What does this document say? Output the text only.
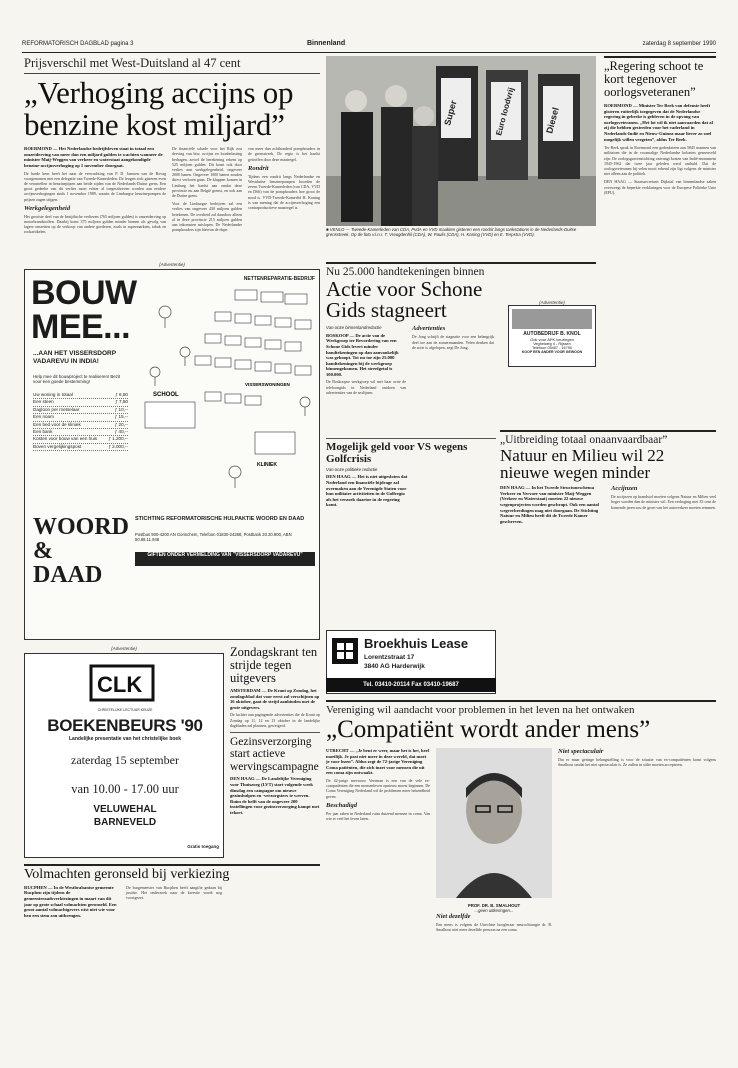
REFORMATORISCH DAGBLAD pagina 3	Binnenland	zaterdag 8 september 1990
Prijsverschil met West-Duitsland al 47 cent
„Verhoging accijns op benzine kost miljard”
ROERMOND — Het Nederlandse bedrijfsleven staat in totaal een omzetderving van meer dan een miljard gulden te wachten wanneer de minister Maij-Weggen van verkeer en waterstaat aangekondigde benzine-accijnsverhoging op 1 november doorgaat.
De harde kern heeft het naar de verwachting van P. D. Janssen van de Bovag voorgenomen met een delegatie van Tweede-Kamerleden. De leugen zich gisteren even de verontellen in benzinepijzen aan beide zijden van de Nederlands-Duitse grens. Een groot gedeelte van dit verlies moet echter al toegeschreven worden aan eerdere accijnsverhogingen sinds 1 november 1989, waarin de Limburgse benzinepompen de prijzen zagen stijgen.
Werkgelegenheid
Het grootste deel van de bezijdische verliezen (765 miljoen gulden) is omzetderving op motorbrandstoffen. Daarbij komt 375 miljoen gulden minder binnen als gevolg van lagere omzetten op de verkoop van andere goederen, zoals in supermarkten, tabak en rookartikelen.
De financiële schade voor het Rijk zou derving van btw, accijns en loonbelasting bedragen, zowel de berekening rekent op 525 miljoen gulden. Dit komt ook door verlies aan werkgelegenheid, ongeveer 2000 banen. Ongeveer 1000 banen zouden direct verloren gaan. De klappen komen in Limburg het hardst aan omdat deze provincie nu aan België grenst, en ook aan de Duitse grens.
Voor de Limburgse bedrijven zal een verlies van ongeveer 430 miljoen gulden betekenen. De overheid zal daardoor alleen al in deze provincie 215 miljoen gulden aan inkomsten mislopen. De Nederlandse pomphouders zijn hiervan de dupe.
van meer dan achthonderd pomphouders in de grensstreek. De regio is het hardst getroffen door deze maatregel.
Rondrit
Tijdens een rondrit langs Nederlandse en Westduitse benzinepompen hoorden de zeven Tweede-Kamerleden (van CDA, VVD en D66) van de pomphouders hoe groot de nood is. VVD-Tweede-Kamerlid H. Koning is van mening dat de accijnsverhoging een contraproductieve maatregel is.
Super	Euro loodvrij	Diesel
■ VENLO — Tweede-Kamerleden van CDA, PvdA en VVD maakten gisteren een rondrit langs tankstations in de Nederlands-Duitse grensstreek. Op de foto v.l.n.r. T. Vreugdenhil (CDA), W. Paulis (CDA), H. Koning (VVD) en E. Terpstra (VVD).
„Regering schoot te kort tegenover oorlogsveteranen”
ROERMOND — Minister Ter Beek van defensie heeft gisteren ruiterlijk toegegeven dat de Nederlandse regering in gebreke is gebleven in de opvang van oorlogsveteranen. „Het lot wil ik niet aanvaarden dat al zij die hebben gestreden voor het vaderland in Nederlands-Indië en Nieuw-Guinea maar liever zo snel mogelijk willen vergeten”, aldus Ter Beek.
Ter Beek sprak in Roermond een gedenksteen aan 5845 mannen van militairen die in de voormalige Nederlandse kolonies gesneuveld zijn. De oorlogsgravenstichting ontvangt kosten van Indië-monument 1945-1962 dat twee jaar geleden werd onthuld. Dat de oorlogsveteranen bij velen nooit erkend zijn ligt volgens de minister niet alleen aan de politiek.
DEN HAAG — Staatssecretaris Dijkstal van binnenlandse zaken overweegt de beperkte verklaringen voor de Europese Politieke Unie (EPU).
Nu 25.000 handtekeningen binnen
Actie voor Schone Gids stagneert
Van onze binnenlandredactie
BOSKOOP — De actie van de Werkgroep ter Bevordering van een Schone Gids levert minder handtekeningen op dan aanvankelijk was gehoopt. Tot nu toe zijn 25.000 handtekeningen bij de werkgroep binnengekomen. Het streefgetal is 100.000.
De Boskoopse werkgroep wil met haar actie de telefoongids in Nederland ontdoen van advertenties van de sexlijnen.
Advertenties
De Jong schrijft de stagnatie voor een belangrijk deel toe aan de zomermaanden. Velen denken dat de actie is afgelopen, zegt De Jong.
Mogelijk geld voor VS wegens Golfcrisis
Van onze politieke redactie
DEN HAAG — Het is niet uitgesloten dat Nederland een financiële bijdrage zal overmaken aan de Verenigde Staten voor hun militaire activiteiten in de Golfregio als het verzoek daartoe in de regering komt.
(Advertentie)
AUTOBEDRIJF B. KNOL
Ook voor APK keuringen
Veghelweg 4 - Rijssen
Telefoon 05487 - 16790
KOOP EEN ANDER VOOR GEWOON
„Uitbreiding totaal onaanvaardbaar”
Natuur en Milieu wil 22 nieuwe wegen minder
DEN HAAG — In het Tweede Structuurschema Verkeer en Vervoer van minister Maij-Weggen (Verkeer en Waterstaat) moeten 22 nieuwe wegenprojecten worden geschrapt. Ook een aantal wegverbredingen mag niet doorgaan. De Stichting Natuur en Milieu heeft dit de Tweede Kamer geschreven.
Accijnzen
De accijnzen op brandstof moeten volgens Natuur en Milieu veel hoger worden dan de minister wil. Een verhoging met 35 cent de komende jaren zou de groei van het autoverkeer moeten remmen.
(Advertentie)
BOUW MEE...
...AAN HET VISSERSDORP VADAREVU IN INDIA!
Help mee dit bouwproject te realiseren! Bezit voor een goede bestemming!
Uw woning in totaal	ƒ 6,50
Een steen	ƒ 7,50
Dagloon per metselaar	ƒ 10,--
Een noam	ƒ 15,--
Een bed voor de kliniek	ƒ 20,--
Een bank	ƒ 40,--
Kosten voor bouw van een huis ƒ 1.200,--
Boven vergelijkingspost	ƒ 2.000,--
NETTENREPARATIE-BEDRIJF
SCHOOL
VISSERSWONINGEN
KLINIEK
WOORD & DAAD
STICHTING REFORMATORISCHE HULPAKTIE WOORD EN DAAD
Postbus 900-4200 AN Gorinchem, Telefoon 01830-24288, Postbank 20.20.900, ABN 50.68.11.948
GIFTEN ONDER VERMELDING VAN "VISSERSDORP VADAREVU"
(Advertentie)
CLK
CHRISTELIJKE LECTUUR KEUZE
BOEKENBEURS '90
Landelijke presentatie van het christelijke boek
zaterdag 15 september
van 10.00 - 17.00 uur
VELUWEHAL
BARNEVELD
Gratis toegang
Zondagskrant ten strijde tegen uitgevers
AMSTERDAM — De Krant op Zondag, het zondagsblad dat voor eerst zal verschijnen op 16 oktober, gaat de strijd aanbinden met de grote uitgevers.
De luchter aan pagingende advertenties die de Krant op Zondag op 11, 12 en 13 oktober in de landelijke dagbladen zal plaatsen, geweigerd.
Gezinsverzorging start actieve wervingscampagne
DEN HAAG — De Landelijke Vereniging voor Thuiszorg (LVT) start volgende week dinsdag een campagne om nieuwe gezinshulpen en -verzorgsters te werven. Ruim de helft van de ongeveer 200 instellingen voor gezinsverzorging kampt met tekort.
Broekhuis Lease
Lorentzstraat 17
3840 AG Harderwijk
Tel. 03410-20114 Fax 03410-19687
Vereniging wil aandacht voor problemen in het leven na het ontwaken
„Compatiënt wordt ander mens”
UTRECHT — „Je bent er weer, maar het is het, heel moeilijk. Je past niet meer in deze wereld, dat moet je voor lezen”. Aldus zegt de 72-jarige Vereniging Coma patiënten, die zich inzet voor mensen die uit een coma zijn ontwaakt.
De 42-jarige mevrouw Veerman is een van de vele ex-compatiënten die een mensenleven opnieuw moest beginnen. De Coma Vereniging Nederland wil de problemen meer bekendheid geven.
Beschadigd
Per jaar raken in Nederland ruim duizend mensen in coma. Van wie er veel het leven laten.
PROF. DR. B. SMALHOUT
...geen uitkeringen...
Niet dezelfde
Een mens is volgens de Utrechtse hoogleraar neurochirurgie dr. B. Smalhout niet meer dezelfde persoon na een coma.
Niet spectaculair
Dat er maar geringe belangstelling is voor de situatie van ex-compatiënten komt volgens Smalhout omdat het niet spectaculair is. Ze zullen in stilte moeten accepteren.
Volmachten geronseld bij verkiezing
RUCPHEN — In de Westbrabantse gemeente Rucphen zijn tijdens de gemeenteraadsverkiezingen in maart van dit jaar op grote schaal volmachten geronseld. Een groot aantal volmachtgevers wist niet wie voor hen een stem zou uitbrengen.
De burgemeester van Rucphen heeft aangifte gedaan bij justitie. Het onderzoek naar de kwestie wordt nog voortgezet.
